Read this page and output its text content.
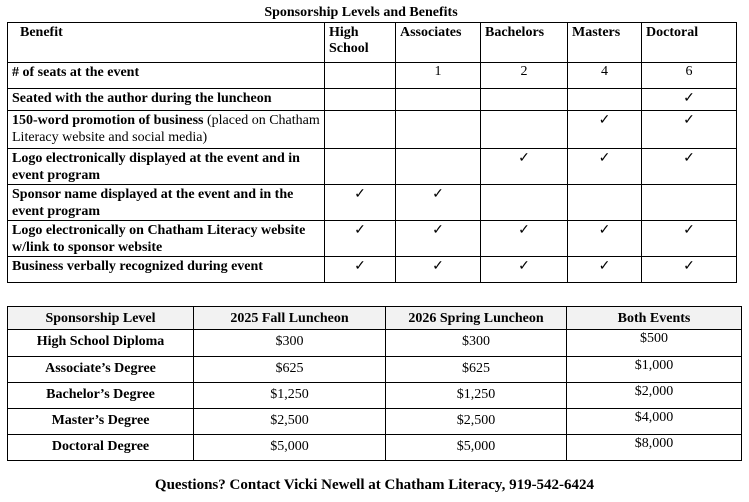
Sponsorship Levels and Benefits
Benefit	High School	Associates	Bachelors	Masters	Doctoral
# of seats at the event		1	2	4	6
Seated with the author during the luncheon					✓
150-word promotion of business (placed on Chatham Literacy website and social media)				✓	✓
Logo electronically displayed at the event and in event program			✓	✓	✓
Sponsor name displayed at the event and in the event program	✓	✓			
Logo electronically on Chatham Literacy website w/link to sponsor website	✓	✓	✓	✓	✓
Business verbally recognized during event	✓	✓	✓	✓	✓
Sponsorship Level	2025 Fall Luncheon	2026 Spring Luncheon	Both Events
High School Diploma	$300	$300	$500
Associate’s Degree	$625	$625	$1,000
Bachelor’s Degree	$1,250	$1,250	$2,000
Master’s Degree	$2,500	$2,500	$4,000
Doctoral Degree	$5,000	$5,000	$8,000
Questions? Contact Vicki Newell at Chatham Literacy, 919-542-6424
